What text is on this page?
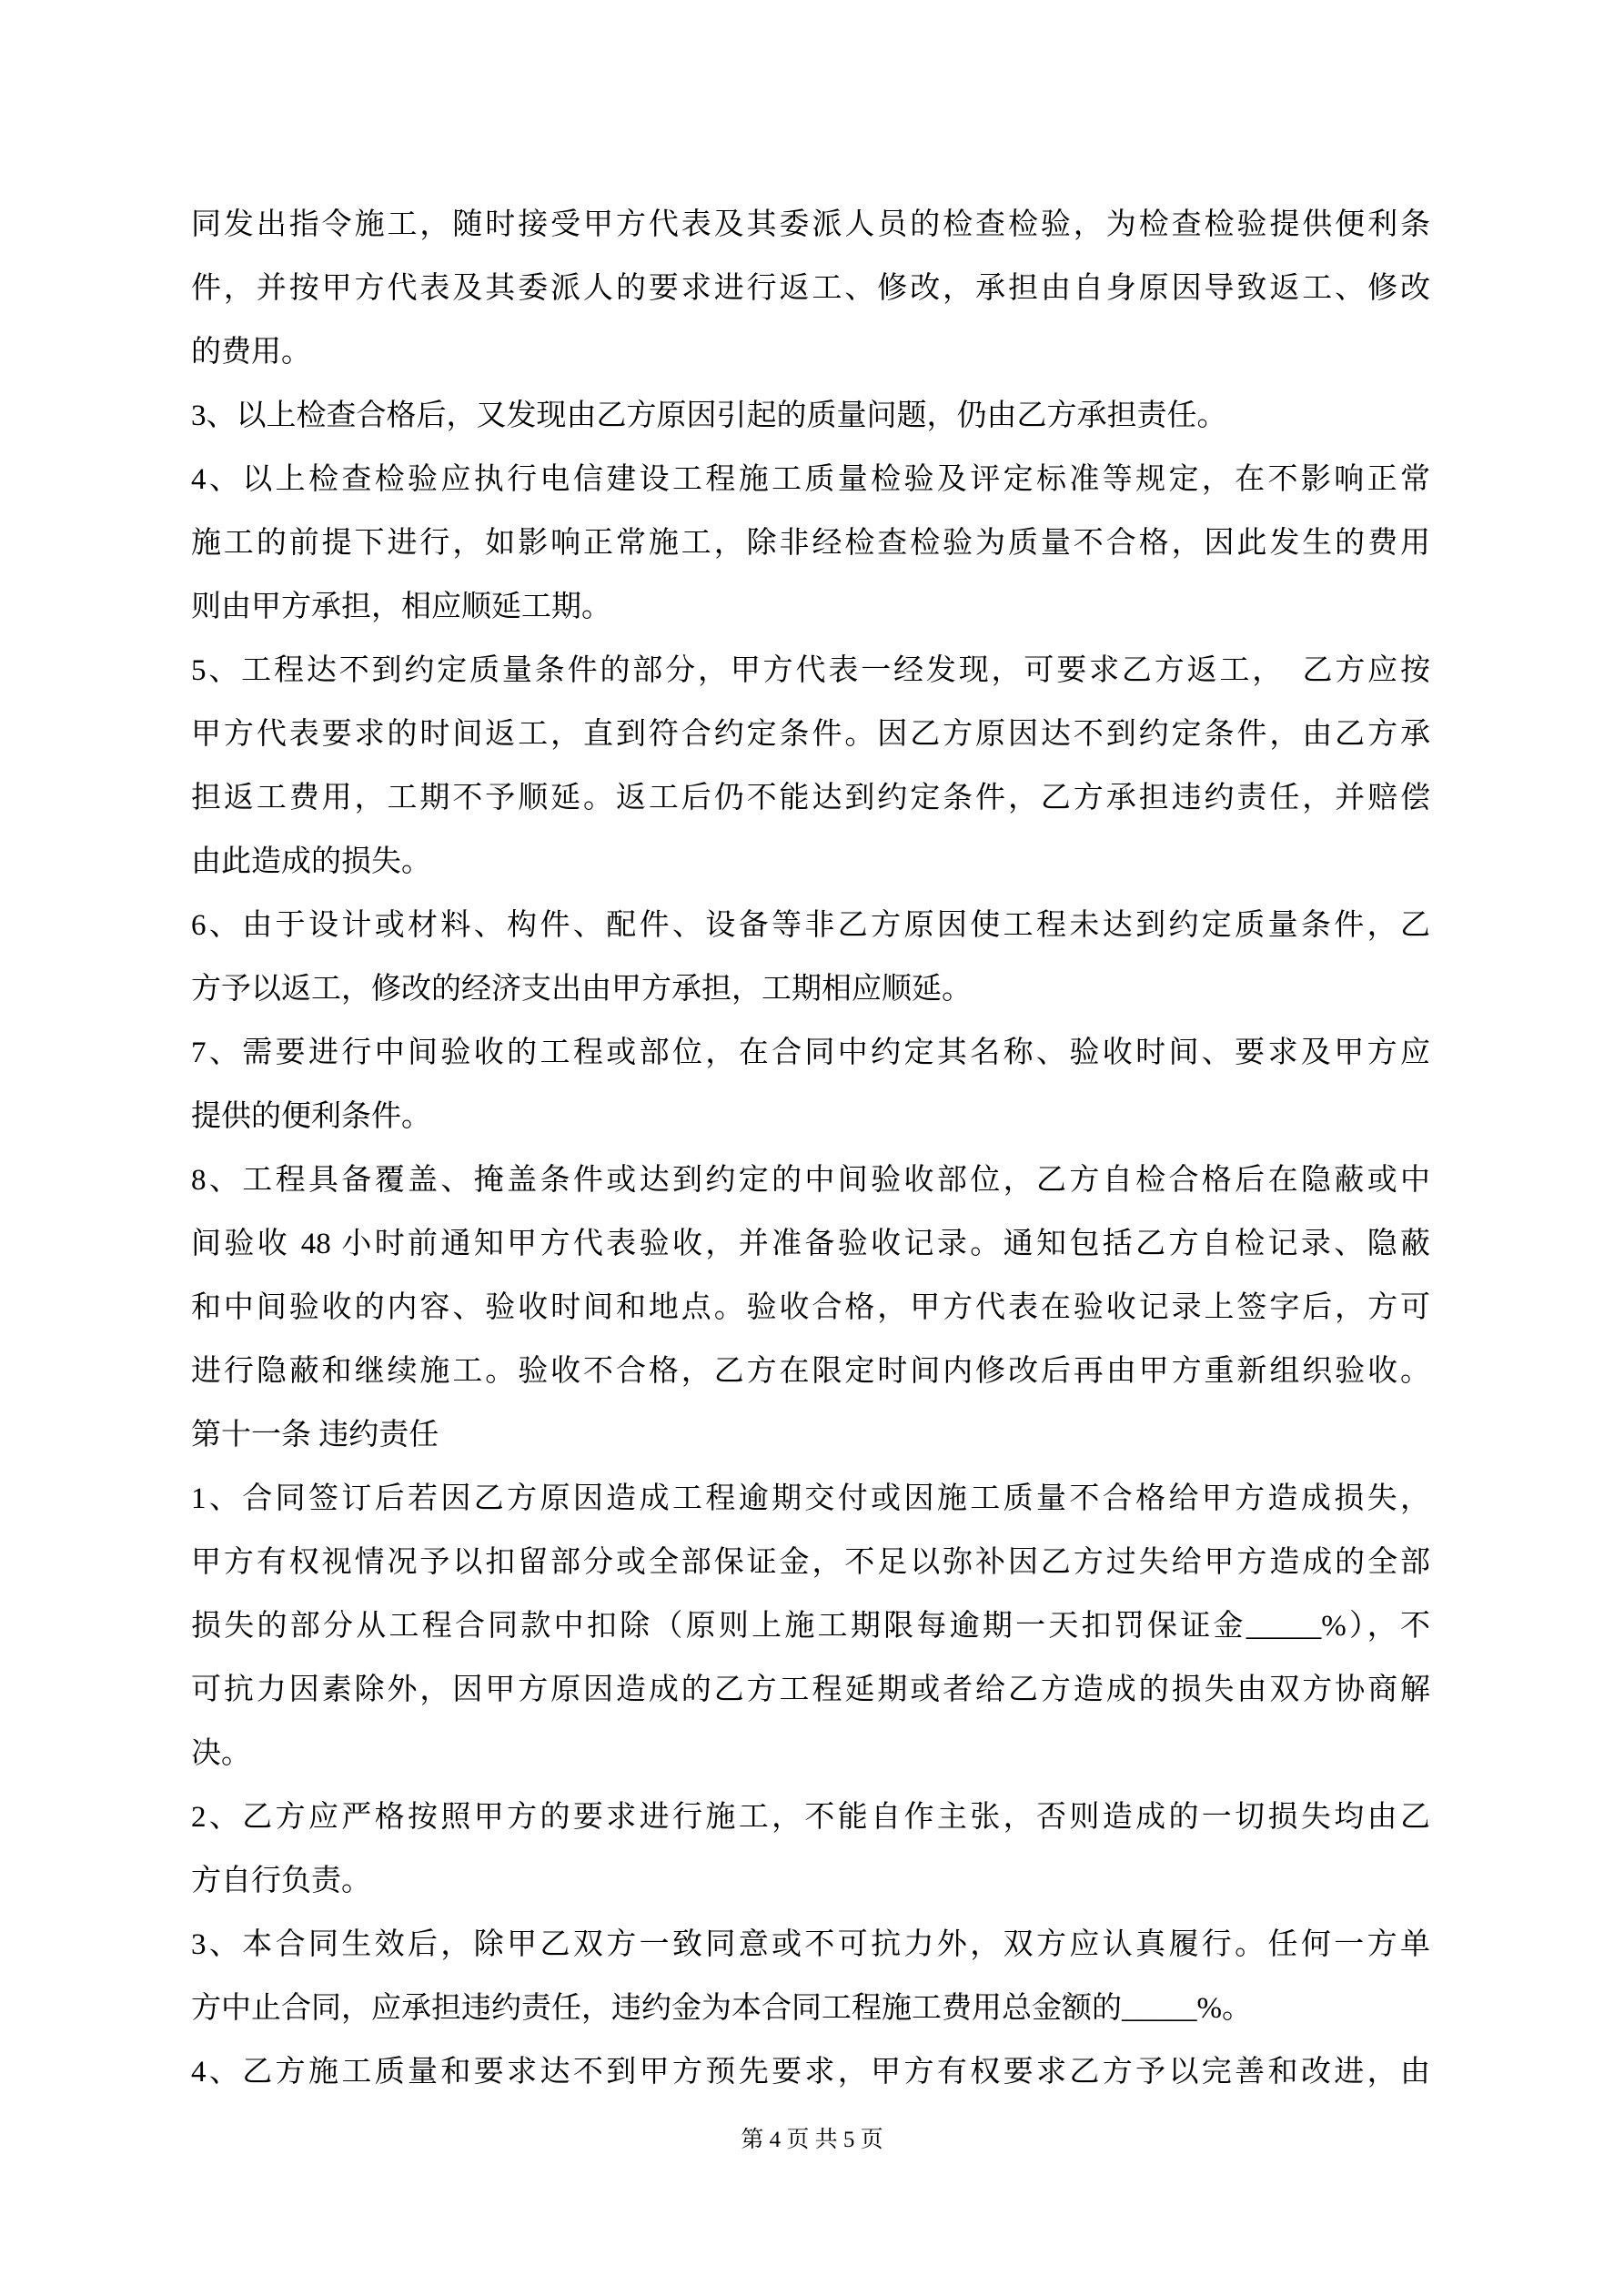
同发出指令施工，随时接受甲方代表及其委派人员的检查检验，为检查检验提供便利条
件，并按甲方代表及其委派人的要求进行返工、修改，承担由自身原因导致返工、修改
的费用。
3、以上检查合格后，又发现由乙方原因引起的质量问题，仍由乙方承担责任。
4、以上检查检验应执行电信建设工程施工质量检验及评定标准等规定，在不影响正常
施工的前提下进行，如影响正常施工，除非经检查检验为质量不合格，因此发生的费用
则由甲方承担，相应顺延工期。
5、工程达不到约定质量条件的部分，甲方代表一经发现，可要求乙方返工，　乙方应按
甲方代表要求的时间返工，直到符合约定条件。因乙方原因达不到约定条件，由乙方承
担返工费用，工期不予顺延。返工后仍不能达到约定条件，乙方承担违约责任，并赔偿
由此造成的损失。
6、由于设计或材料、构件、配件、设备等非乙方原因使工程未达到约定质量条件，乙
方予以返工，修改的经济支出由甲方承担，工期相应顺延。
7、需要进行中间验收的工程或部位，在合同中约定其名称、验收时间、要求及甲方应
提供的便利条件。
8、工程具备覆盖、掩盖条件或达到约定的中间验收部位，乙方自检合格后在隐蔽或中
间验收 48 小时前通知甲方代表验收，并准备验收记录。通知包括乙方自检记录、隐蔽
和中间验收的内容、验收时间和地点。验收合格，甲方代表在验收记录上签字后，方可
进行隐蔽和继续施工。验收不合格，乙方在限定时间内修改后再由甲方重新组织验收。
第十一条 违约责任
1、合同签订后若因乙方原因造成工程逾期交付或因施工质量不合格给甲方造成损失，
甲方有权视情况予以扣留部分或全部保证金，不足以弥补因乙方过失给甲方造成的全部
损失的部分从工程合同款中扣除（原则上施工期限每逾期一天扣罚保证金_____%），不
可抗力因素除外，因甲方原因造成的乙方工程延期或者给乙方造成的损失由双方协商解
决。
2、乙方应严格按照甲方的要求进行施工，不能自作主张，否则造成的一切损失均由乙
方自行负责。
3、本合同生效后，除甲乙双方一致同意或不可抗力外，双方应认真履行。任何一方单
方中止合同，应承担违约责任，违约金为本合同工程施工费用总金额的_____%。
4、乙方施工质量和要求达不到甲方预先要求，甲方有权要求乙方予以完善和改进，由
第 4 页 共 5 页
